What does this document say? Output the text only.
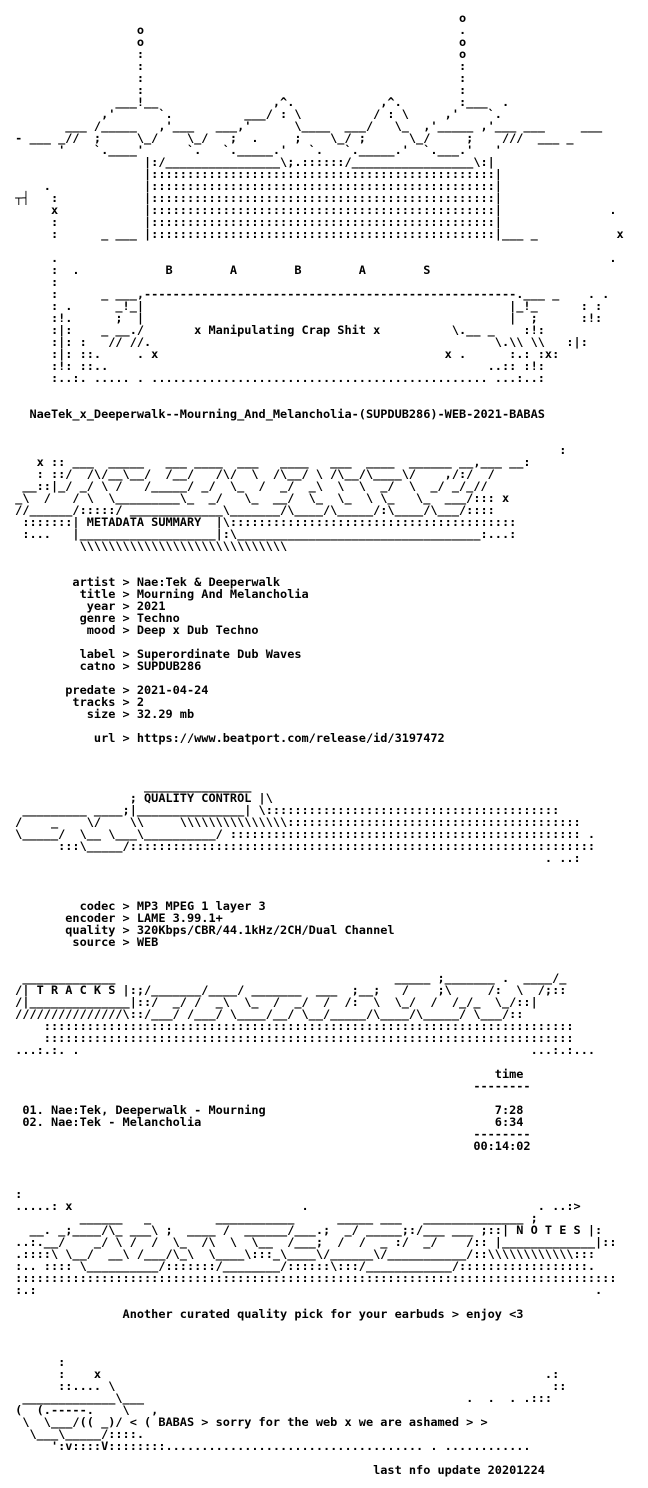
o
o                                            .
o                                            o
:                                            o
:                                            :
:                                            :
:                                            :
___!__                ,^.            ,^.        :___  .
,'      `.          ___/ : \          / : \     ,'    `.
___ /_____   ,'___   ___,'      \____  ___/   \_  ,'_____ ,'___ ___     ___
- ___ _//  ;     \_/    \_/   ;  .     ;    \_/ ;      \_/     ;    ///  ___ _
'    `.____'      `.   `._____.'   `.   `._____.'  `.___.'   '
|:/________________\;.::::::/_________________\:|
|::::::::::::::::::::::::::::::::::::::::::::::::|
.             |::::::::::::::::::::::::::::::::::::::::::::::::|
┬┤   :            |::::::::::::::::::::::::::::::::::::::::::::::::|
x            |::::::::::::::::::::::::::::::::::::::::::::::::|               .
:            |::::::::::::::::::::::::::::::::::::::::::::::::|
:      _ ___ |::::::::::::::::::::::::::::::::::::::::::::::::|___ _           x

.                                                                             .
:  .            B        A        B        A        S
:
:      _ ___,----------------------------------------------------.___ _    . .
: .      _!_|                                                   |_!_      : :
:!.      ;  |                                                   |  ;      :!:
:|:    _ __./       x Manipulating Crap Shit x          \.__ _    :!:
:|: :   // //.                                                \.\\ \\   :|:
:|: ::.     . x                                        x .      :.: :x:
:!: ::..                                                     ..:: :!:
:..:. ..... . ............................................... ...:..:

NaeTek_x_Deeperwalk--Mourning_And_Melancholia-(SUPDUB286)-WEB-2021-BABAS

:
x :: ___  _____   ___ ____  ___   ____   ___  ____  ______ __,___ __:
: ::/  /\/__\__/  /__/   /\/  \  /\__/ \ /\__/\____\/    ,/:/  /
__::|_/ _/ \ /   /_____/ _/  \_  /  _/  _\  \  \  _/  \  _/ _/_//
_\  /   / \  \_________\_  _/   \_  __/  \_  \_  \ \_   \_  ___/::: x
//______/:::::/ _____________\_______/\____/\_____/:\____/\___/::::
:::::::| METADATA SUMMARY  |\::::::::::::::::::::::::::::::::::::::::
:...   |___________________|:\__________________________________:...:
\\\\\\\\\\\\\\\\\\\\\\\\\\\\\

artist > Nae:Tek & Deeperwalk
title > Mourning And Melancholia
year > 2021
genre > Techno
mood > Deep x Dub Techno

label > Superordinate Dub Waves
catno > SUPDUB286

predate > 2021-04-24
tracks > 2
size > 32.29 mb

url > https://www.beatport.com/release/id/3197472

_______________
; QUALITY CONTROL |\
_________ ____;|_______________| \:::::::::::::::::::::::::::::::::::::::::
/    _    \/    \\     \\\\\\\\\\\\\\\:::::::::::::::::::::::::::::::::::::::::
\_____/  \__ \___\__________/ ::::::::::::::::::::::::::::::::::::::::::::::::: .
:::\_____/:::::::::::::::::::::::::::::::::::::::::::::::::::::::::::::::::
. ..:

codec > MP3 MPEG 1 layer 3
encoder > LAME 3.99.1+
quality > 320Kbps/CBR/44.1kHz/2CH/Dual Channel
source > WEB

_____________                                       _____ ;_______ .  ____/_
/| T R A C K S |:;/_______/____/ _______  ___  ;__;   /    ;\     /:  \  /;::
/|______________|::/  _/ /  _\  \_  /  _/  /  /:  \  \_/  /  /_/_  \_/::|
///////////////\::/___/ /___/ \____/__/ \__/_____/\____/\_____/ \___/::
::::::::::::::::::::::::::::::::::::::::::::::::::::::::::::::::::::::::::
::::::::::::::::::::::::::::::::::::::::::::::::::::::::::::::::::::::::::
...:.:. .                                                               ...:.:...

time
--------

01. Nae:Tek, Deeperwalk - Mourning                                7:28
02. Nae:Tek - Melancholia                                         6:34
--------
00:14:02

:
.....: x                                .                                . ..:>
______   _         ___________      _____ ___   ______________ ;
__. _;____/\_ ___\ ;  ____ /  ______/___.;  _/ _____;:/___ ___ ;::| N O T E S |:
..:.__/    _/ \ /  /  \_  /\  \  \__  /___;  /  /  _ :/  _/    /:: |_____________|::
.::::\ \__/  __\ /___/\_\  \____\:::_\____\/______\/___________/::\\\\\\\\\\\\:::
:.. :::: \__________/:::::::/________/::::::\:::/____________/::::::::::::::::::.
::::::::::::::::::::::::::::::::::::::::::::::::::::::::::::::::::::::::::::::::::::
:.:                                                                              .

Another curated quality pick for your earbuds > enjoy <3

:
:    x                                                              .:
::.... \                                                             ::
_____________\___                                             .  .  . .:::
(  (.-----.    \   ,
\  \___/(( _)/ < ( BABAS > sorry for the web x we are ashamed > >
\___\_____/::::.
':v::::V::::::::.................................... . ............

last nfo update 20201224
